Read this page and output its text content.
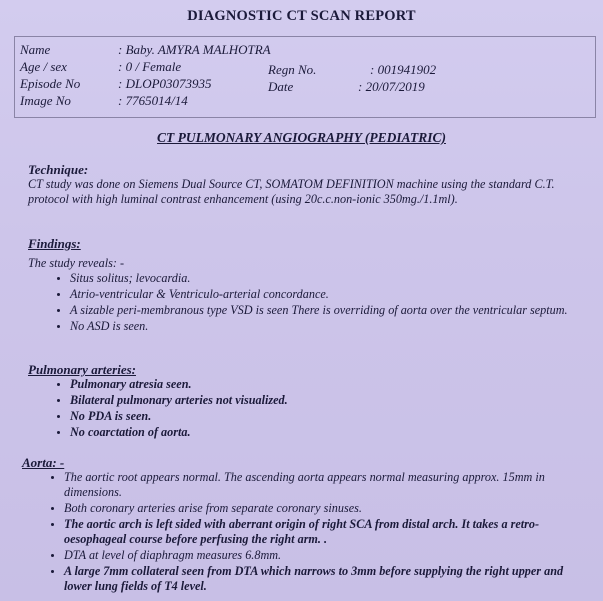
DIAGNOSTIC CT SCAN REPORT
Name	: Baby. AMYRA MALHOTRA
Age / sex	: 0 / Female	Regn No.	: 001941902
Episode No	: DLOP03073935	Date	: 20/07/2019
Image No	: 7765014/14
CT PULMONARY ANGIOGRAPHY (PEDIATRIC)
Technique:
CT study was done on Siemens Dual Source CT, SOMATOM DEFINITION machine using the standard C.T. protocol with high luminal contrast enhancement (using 20c.c.non-ionic 350mg./1.1ml).
Findings:
The study reveals: -
• Situs solitus; levocardia.
• Atrio-ventricular & Ventriculo-arterial concordance.
• A sizable peri-membranous type VSD is seen There is overriding of aorta over the ventricular septum.
• No ASD is seen.
Pulmonary arteries:
• Pulmonary atresia seen.
• Bilateral pulmonary arteries not visualized.
• No PDA is seen.
• No coarctation of aorta.
Aorta: -
• The aortic root appears normal. The ascending aorta appears normal measuring approx. 15mm in dimensions.
• Both coronary arteries arise from separate coronary sinuses.
• The aortic arch is left sided with aberrant origin of right SCA from distal arch. It takes a retro-oesophageal course before perfusing the right arm. .
• DTA at level of diaphragm measures 6.8mm.
• A large 7mm collateral seen from DTA which narrows to 3mm before supplying the right upper and lower lung fields of T4 level.
